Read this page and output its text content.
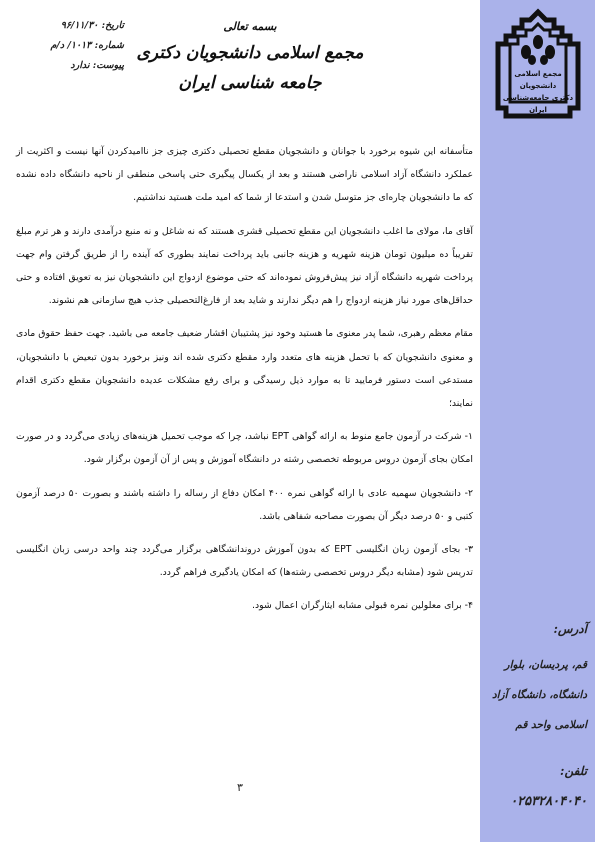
مجمع اسلامی
دانشجویان
دکتری جامعه‌شناسی
ایران
آدرس:
قم، پردیسان، بلوار دانشگاه، دانشگاه آزاد اسلامی واحد قم
تلفن:
۰۲۵۳۲۸۰۴۰۴۰
تاریخ: ۹۶/۱۱/۳۰
شماره: ۱۰۱۳/ د/م
پیوست: ندارد
بسمه تعالی
مجمع اسلامی دانشجویان دکتری
جامعه شناسی ایران

متأسفانه این شیوه برخورد با جوانان و دانشجویان مقطع تحصیلی دکتری چیزی جز ناامیدکردن آنها نیست و اکثریت از عملکرد دانشگاه آزاد اسلامی ناراضی هستند و بعد از یکسال پیگیری حتی پاسخی منطقی از ناحیه دانشگاه داده نشده که ما دانشجویان چاره‌ای جز متوسل شدن و استدعا از شما که امید ملت هستید نداشتیم.

آقای ما، مولای ما اغلب دانشجویان این مقطع تحصیلی قشری هستند که نه شاغل و نه منبع درآمدی دارند و هر ترم مبلغ تقریباً ده میلیون تومان هزینه شهریه و هزینه جانبی باید پرداخت نمایند بطوری که آینده را از طریق گرفتن وام جهت پرداخت شهریه دانشگاه آزاد نیز پیش‌فروش نموده‌اند که حتی موضوع ازدواج این دانشجویان نیز به تعویق افتاده و حتی حداقل‌های مورد نیاز هزینه ازدواج را هم دیگر ندارند و شاید بعد از فارغ‌التحصیلی جذب هیچ سازمانی هم نشوند.

مقام معظم رهبری، شما پدر معنوی ما هستید وخود نیز پشتیبان اقشار ضعیف جامعه می باشید. جهت حفظ حقوق مادی و معنوی دانشجویان که با تحمل هزینه های متعدد وارد مقطع دکتری شده اند ونیز برخورد بدون تبعیض با دانشجویان، مستدعی است دستور فرمایید تا به موارد ذیل رسیدگی و برای رفع مشکلات عدیده دانشجویان مقطع دکتری اقدام نمایند؛

۱- شرکت در آزمون جامع منوط به ارائه گواهی EPT نباشد، چرا که موجب تحمیل هزینه‌های زیادی می‌گردد و در صورت امکان بجای آزمون دروس مربوطه تخصصی رشته در دانشگاه آموزش و پس از آن آزمون برگزار شود.

۲- دانشجویان سهمیه عادی با ارائه گواهی نمره ۴۰۰ امکان دفاع از رساله را داشته باشند و بصورت ۵۰ درصد آزمون کتبی و ۵۰ درصد دیگر آن بصورت مصاحبه شفاهی باشد.

۳- بجای آزمون زبان انگلیسی EPT که بدون آموزش دروندانشگاهی برگزار می‌گردد چند واحد درسی زبان انگلیسی تدریس شود (مشابه دیگر دروس تخصصی رشته‌ها) که امکان یادگیری فراهم گردد.

۴- برای معلولین نمره قبولی مشابه ایثارگران اعمال شود.

۳
